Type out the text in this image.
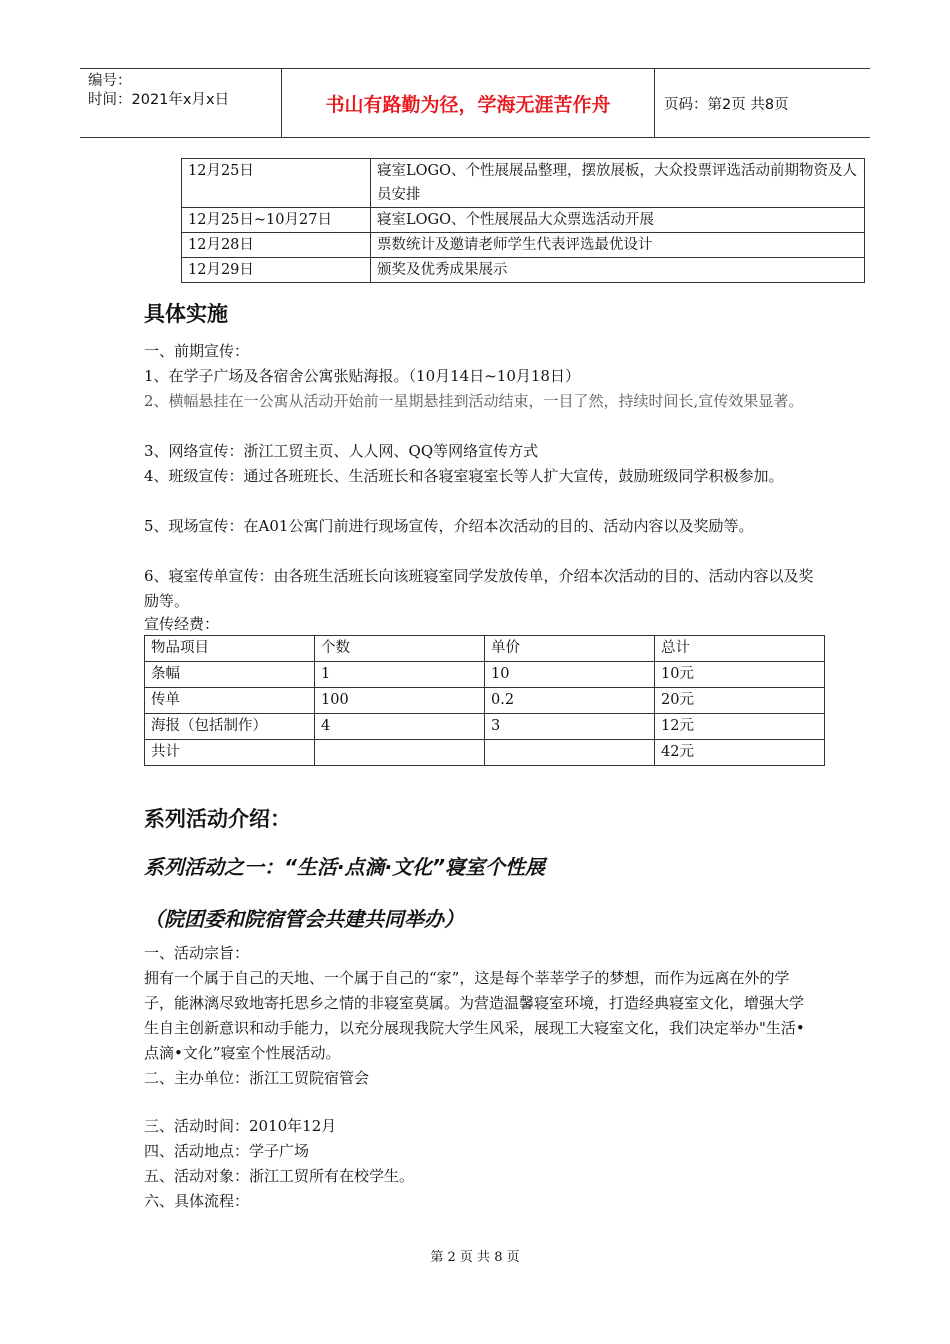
编号：
时间：2021年x月x日	书山有路勤为径，学海无涯苦作舟	页码：第2页 共8页
12月25日	寝室LOGO、个性展展品整理，摆放展板，大众投票评选活动前期物资及人员安排
12月25日~10月27日	寝室LOGO、个性展展品大众票选活动开展
12月28日	票数统计及邀请老师学生代表评选最优设计
12月29日	颁奖及优秀成果展示
具体实施
一、前期宣传：
1、在学子广场及各宿舍公寓张贴海报。（10月14日~10月18日）
2、横幅悬挂在一公寓从活动开始前一星期悬挂到活动结束，一目了然，持续时间长,宣传效果显著。
3、网络宣传：浙江工贸主页、人人网、QQ等网络宣传方式
4、班级宣传：通过各班班长、生活班长和各寝室寝室长等人扩大宣传，鼓励班级同学积极参加。
5、现场宣传：在A01公寓门前进行现场宣传，介绍本次活动的目的、活动内容以及奖励等。
6、寝室传单宣传：由各班生活班长向该班寝室同学发放传单，介绍本次活动的目的、活动内容以及奖励等。
宣传经费：
物品项目	个数	单价	总计
条幅	1	10	10元
传单	100	0.2	20元
海报（包括制作）	4	3	12元
共计			42元
系列活动介绍：
系列活动之一：“生活·点滴·文化”寝室个性展
（院团委和院宿管会共建共同举办）
一、活动宗旨：
拥有一个属于自己的天地、一个属于自己的“家”，这是每个莘莘学子的梦想，而作为远离在外的学子，能淋漓尽致地寄托思乡之情的非寝室莫属。为营造温馨寝室环境，打造经典寝室文化，增强大学生自主创新意识和动手能力，以充分展现我院大学生风采，展现工大寝室文化，我们决定举办"生活•点滴•文化”寝室个性展活动。
二、主办单位：浙江工贸院宿管会
三、活动时间：2010年12月
四、活动地点：学子广场
五、活动对象：浙江工贸所有在校学生。
六、具体流程：
第 2 页 共 8 页
